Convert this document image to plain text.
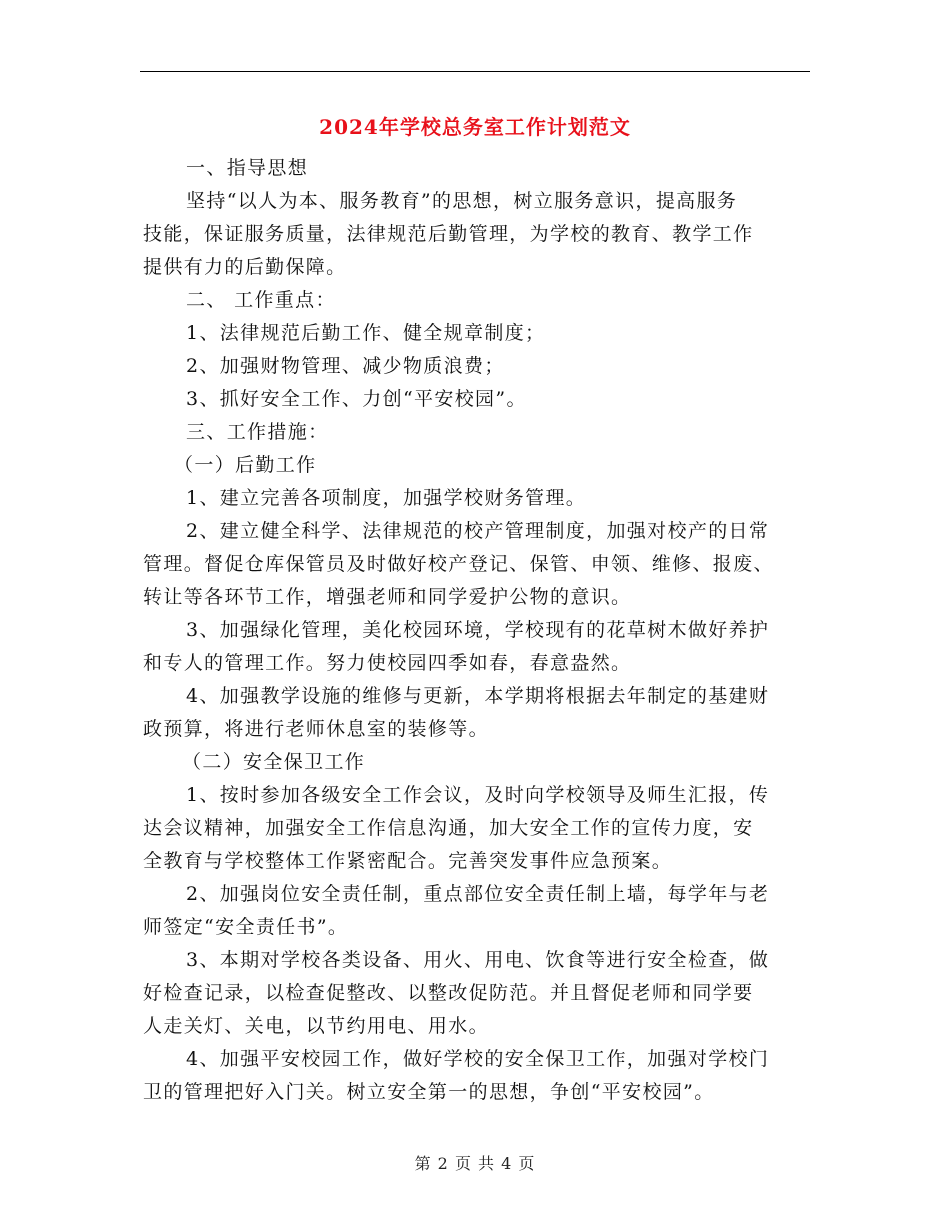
2024年学校总务室工作计划范文
一、指导思想
坚持“以人为本、服务教育”的思想，树立服务意识，提高服务
技能，保证服务质量，法律规范后勤管理，为学校的教育、教学工作
提供有力的后勤保障。
二、 工作重点：
1、法律规范后勤工作、健全规章制度；
2、加强财物管理、减少物质浪费；
3、抓好安全工作、力创“平安校园”。
三、工作措施：
（一）后勤工作
1、建立完善各项制度，加强学校财务管理。
2、建立健全科学、法律规范的校产管理制度，加强对校产的日常
管理。督促仓库保管员及时做好校产登记、保管、申领、维修、报废、
转让等各环节工作，增强老师和同学爱护公物的意识。
3、加强绿化管理，美化校园环境，学校现有的花草树木做好养护
和专人的管理工作。努力使校园四季如春，春意盎然。
4、加强教学设施的维修与更新，本学期将根据去年制定的基建财
政预算，将进行老师休息室的装修等。
（二）安全保卫工作
1、按时参加各级安全工作会议，及时向学校领导及师生汇报，传
达会议精神，加强安全工作信息沟通，加大安全工作的宣传力度，安
全教育与学校整体工作紧密配合。完善突发事件应急预案。
2、加强岗位安全责任制，重点部位安全责任制上墙，每学年与老
师签定“安全责任书”。
3、本期对学校各类设备、用火、用电、饮食等进行安全检查，做
好检查记录，以检查促整改、以整改促防范。并且督促老师和同学要
人走关灯、关电，以节约用电、用水。
4、加强平安校园工作，做好学校的安全保卫工作，加强对学校门
卫的管理把好入门关。树立安全第一的思想，争创“平安校园”。
第 2 页 共 4 页
